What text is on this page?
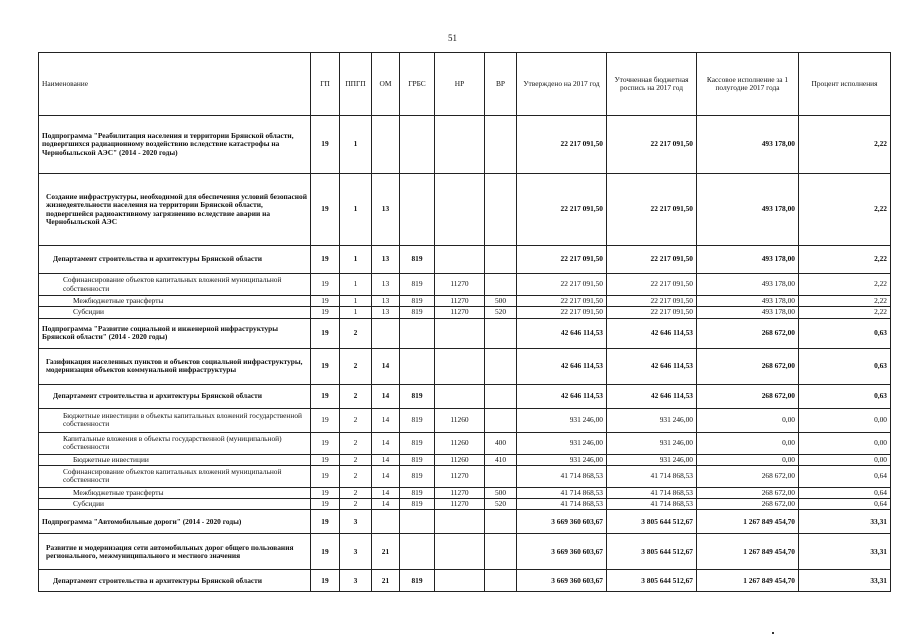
51
Наименование	ГП	ППГП	ОМ	ГРБС	НР	ВР	Утверждено на 2017 год	Уточненная бюджетная роспись на 2017 год	Кассовое исполнение за 1 полугодие 2017 года	Процент исполнения
Подпрограмма "Реабилитация населения и территории Брянской области, подвергшихся радиационному воздействию вследствие катастрофы на Чернобыльской АЭС" (2014 - 2020 годы)	19	1					22 217 091,50	22 217 091,50	493 178,00	2,22
Создание инфраструктуры, необходимой для обеспечения условий безопасной жизнедеятельности населения на территории Брянской области, подвергшейся радиоактивному загрязнению вследствие аварии на Чернобыльской АЭС	19	1	13				22 217 091,50	22 217 091,50	493 178,00	2,22
Департамент строительства и архитектуры Брянской области	19	1	13	819			22 217 091,50	22 217 091,50	493 178,00	2,22
Софинансирование объектов капитальных вложений муниципальной собственности	19	1	13	819	11270		22 217 091,50	22 217 091,50	493 178,00	2,22
Межбюджетные трансферты	19	1	13	819	11270	500	22 217 091,50	22 217 091,50	493 178,00	2,22
Субсидии	19	1	13	819	11270	520	22 217 091,50	22 217 091,50	493 178,00	2,22
Подпрограмма "Развитие социальной и инженерной инфраструктуры Брянской области" (2014 - 2020 годы)	19	2					42 646 114,53	42 646 114,53	268 672,00	0,63
Газификация населенных пунктов и объектов социальной инфраструктуры, модернизация объектов коммунальной инфраструктуры	19	2	14				42 646 114,53	42 646 114,53	268 672,00	0,63
Департамент строительства и архитектуры Брянской области	19	2	14	819			42 646 114,53	42 646 114,53	268 672,00	0,63
Бюджетные инвестиции в объекты капитальных вложений государственной собственности	19	2	14	819	11260		931 246,00	931 246,00	0,00	0,00
Капитальные вложения в объекты государственной (муниципальной) собственности	19	2	14	819	11260	400	931 246,00	931 246,00	0,00	0,00
Бюджетные инвестиции	19	2	14	819	11260	410	931 246,00	931 246,00	0,00	0,00
Софинансирование объектов капитальных вложений муниципальной собственности	19	2	14	819	11270		41 714 868,53	41 714 868,53	268 672,00	0,64
Межбюджетные трансферты	19	2	14	819	11270	500	41 714 868,53	41 714 868,53	268 672,00	0,64
Субсидии	19	2	14	819	11270	520	41 714 868,53	41 714 868,53	268 672,00	0,64
Подпрограмма "Автомобильные дороги" (2014 - 2020 годы)	19	3					3 669 360 603,67	3 805 644 512,67	1 267 849 454,70	33,31
Развитие и модернизация сети автомобильных дорог общего пользования регионального, межмуниципального и местного значения	19	3	21				3 669 360 603,67	3 805 644 512,67	1 267 849 454,70	33,31
Департамент строительства и архитектуры Брянской области	19	3	21	819			3 669 360 603,67	3 805 644 512,67	1 267 849 454,70	33,31
